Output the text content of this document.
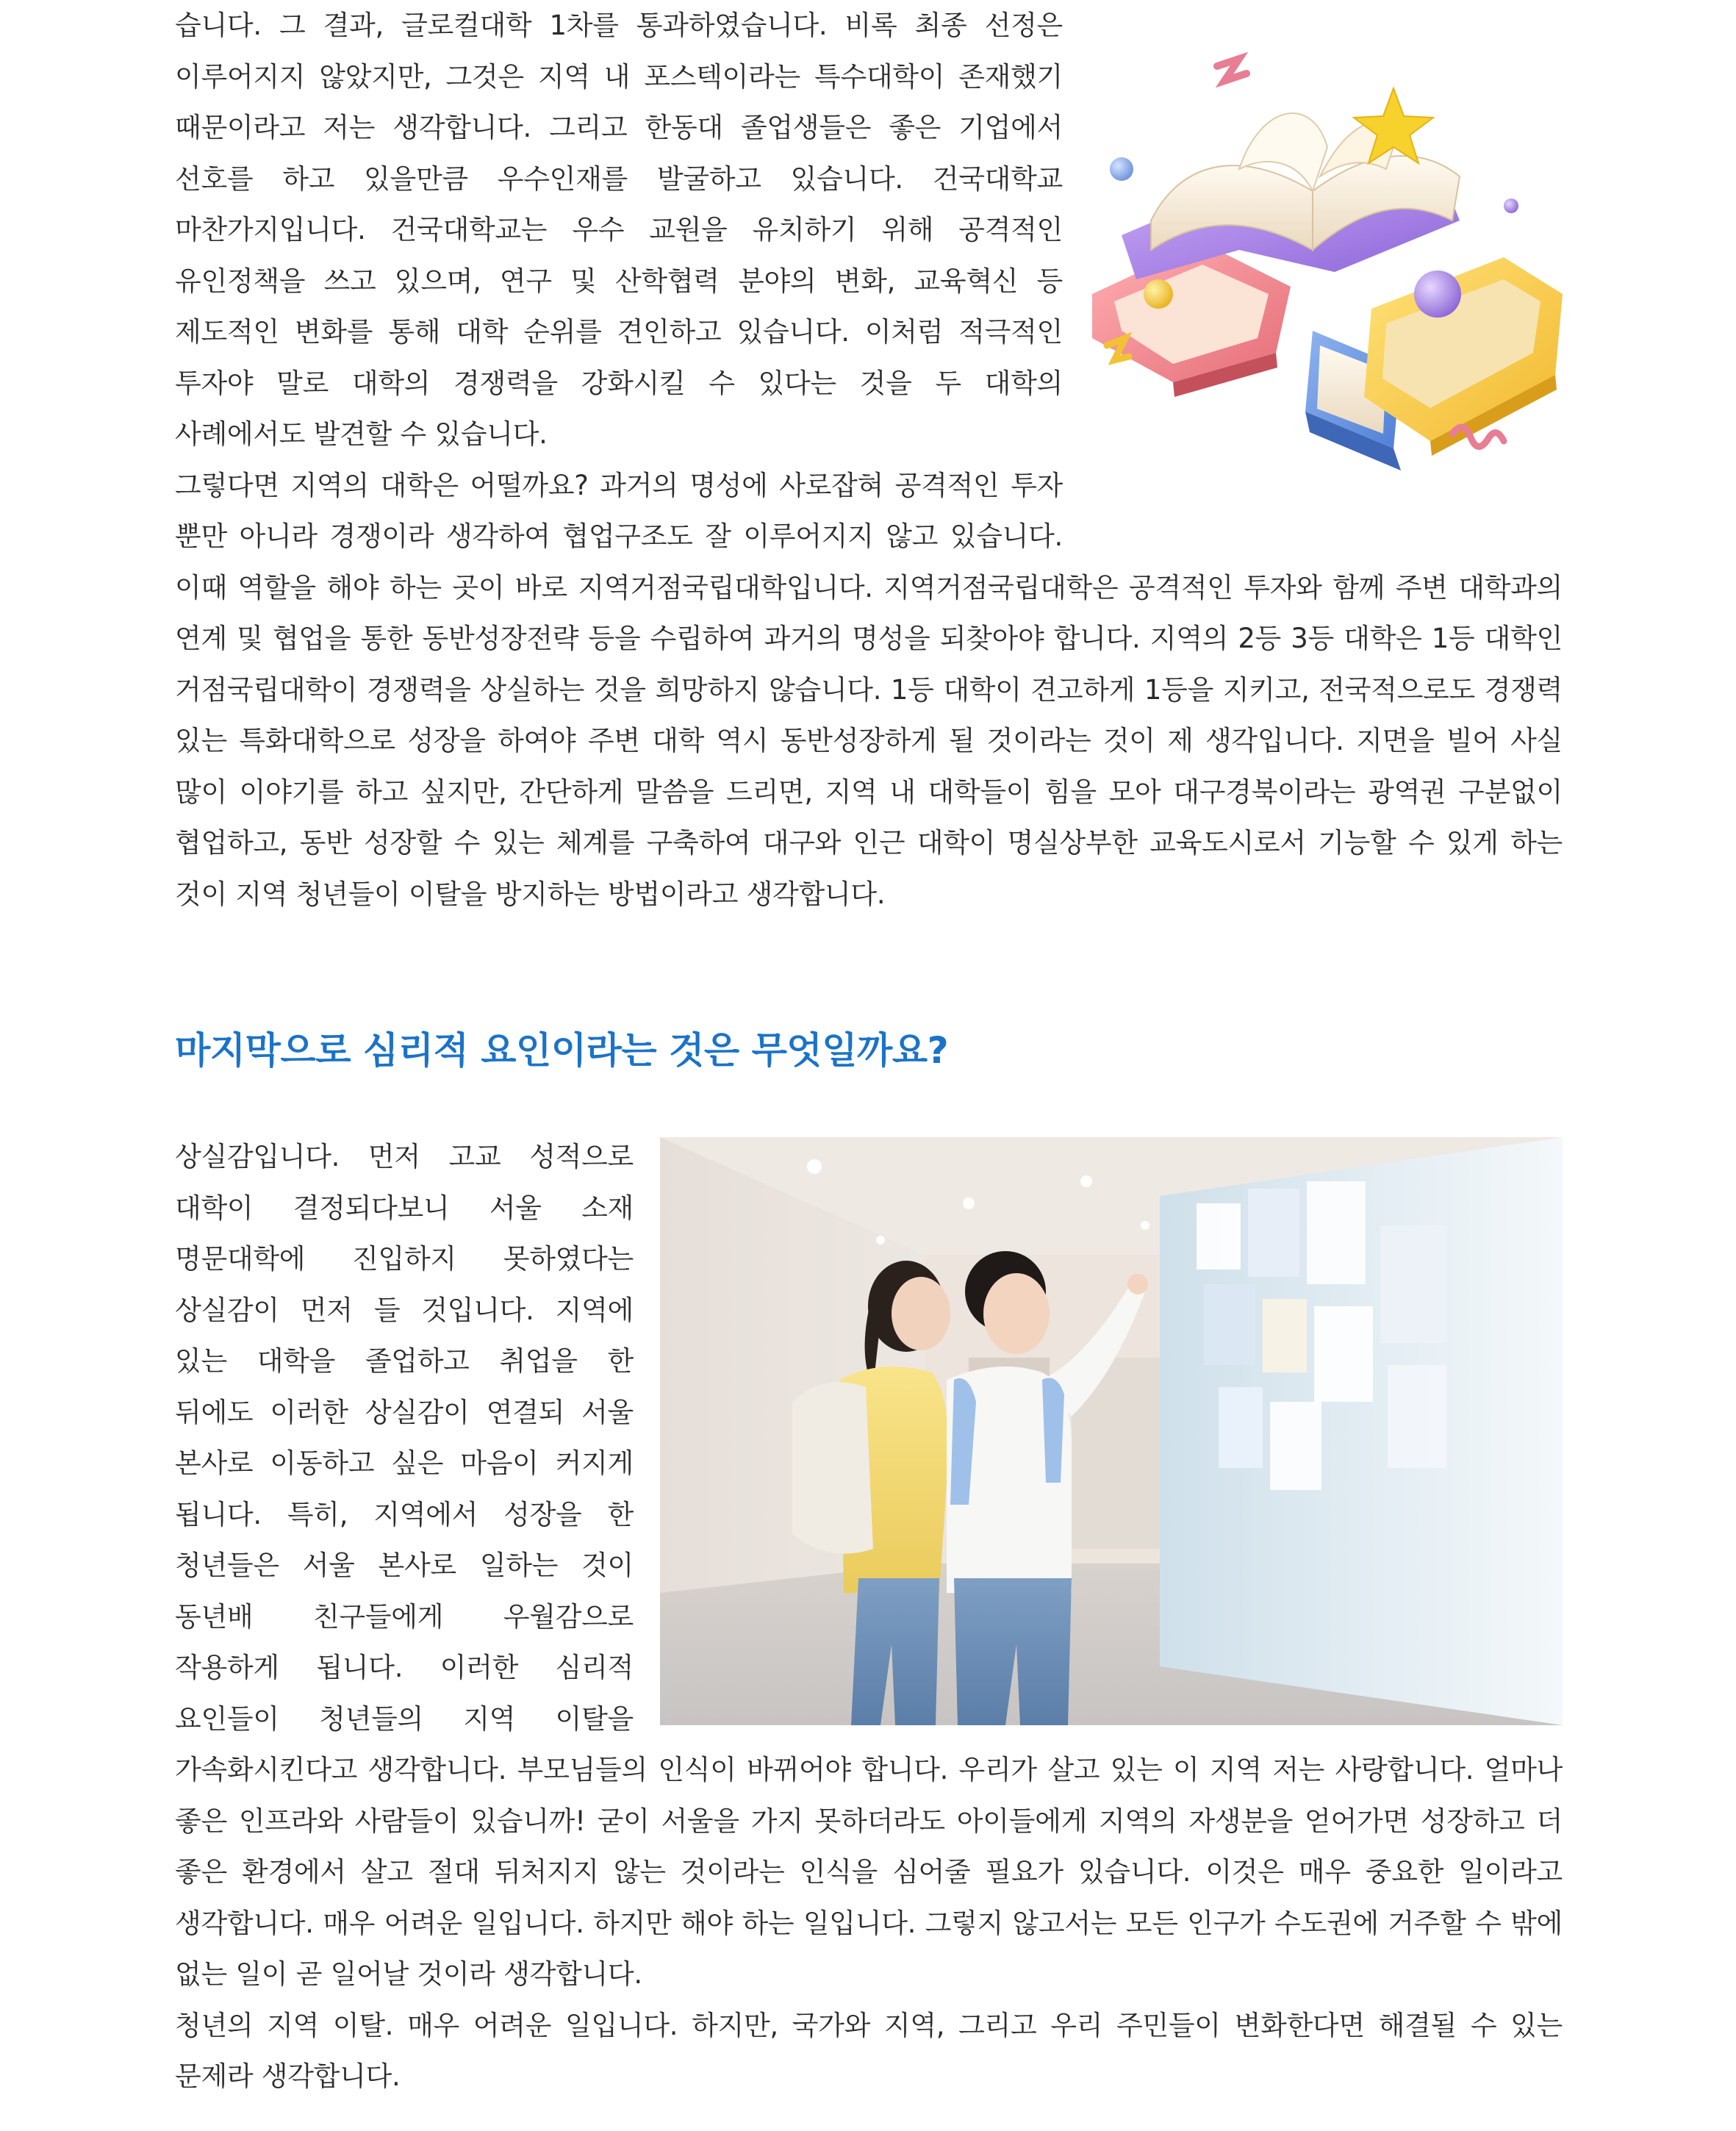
습니다. 그 결과, 글로컬대학 1차를 통과하였습니다. 비록 최종 선정은 이루어지지 않았지만, 그것은 지역 내 포스텍이라는 특수대학이 존재했기 때문이라고 저는 생각합니다. 그리고 한동대 졸업생들은 좋은 기업에서 선호를 하고 있을만큼 우수인재를 발굴하고 있습니다. 건국대학교 마찬가지입니다. 건국대학교는 우수 교원을 유치하기 위해 공격적인 유인정책을 쓰고 있으며, 연구 및 산학협력 분야의 변화, 교육혁신 등 제도적인 변화를 통해 대학 순위를 견인하고 있습니다. 이처럼 적극적인 투자야 말로 대학의 경쟁력을 강화시킬 수 있다는 것을 두 대학의 사례에서도 발견할 수 있습니다.

그렇다면 지역의 대학은 어떨까요? 과거의 명성에 사로잡혀 공격적인 투자 뿐만 아니라 경쟁이라 생각하여 협업구조도 잘 이루어지지 않고 있습니다. 이때 역할을 해야 하는 곳이 바로 지역거점국립대학입니다. 지역거점국립대학은 공격적인 투자와 함께 주변 대학과의 연계 및 협업을 통한 동반성장전략 등을 수립하여 과거의 명성을 되찾아야 합니다. 지역의 2등 3등 대학은 1등 대학인 거점국립대학이 경쟁력을 상실하는 것을 희망하지 않습니다. 1등 대학이 견고하게 1등을 지키고, 전국적으로도 경쟁력 있는 특화대학으로 성장을 하여야 주변 대학 역시 동반성장하게 될 것이라는 것이 제 생각입니다. 지면을 빌어 사실 많이 이야기를 하고 싶지만, 간단하게 말씀을 드리면, 지역 내 대학들이 힘을 모아 대구경북이라는 광역권 구분없이 협업하고, 동반 성장할 수 있는 체계를 구축하여 대구와 인근 대학이 명실상부한 교육도시로서 기능할 수 있게 하는 것이 지역 청년들이 이탈을 방지하는 방법이라고 생각합니다.

마지막으로 심리적 요인이라는 것은 무엇일까요?

상실감입니다. 먼저 고교 성적으로 대학이 결정되다보니 서울 소재 명문대학에 진입하지 못하였다는 상실감이 먼저 들 것입니다. 지역에 있는 대학을 졸업하고 취업을 한 뒤에도 이러한 상실감이 연결되 서울 본사로 이동하고 싶은 마음이 커지게 됩니다. 특히, 지역에서 성장을 한 청년들은 서울 본사로 일하는 것이 동년배 친구들에게 우월감으로 작용하게 됩니다. 이러한 심리적 요인들이 청년들의 지역 이탈을 가속화시킨다고 생각합니다. 부모님들의 인식이 바뀌어야 합니다. 우리가 살고 있는 이 지역 저는 사랑합니다. 얼마나 좋은 인프라와 사람들이 있습니까! 굳이 서울을 가지 못하더라도 아이들에게 지역의 자생분을 얻어가면 성장하고 더 좋은 환경에서 살고 절대 뒤처지지 않는 것이라는 인식을 심어줄 필요가 있습니다. 이것은 매우 중요한 일이라고 생각합니다. 매우 어려운 일입니다. 하지만 해야 하는 일입니다. 그렇지 않고서는 모든 인구가 수도권에 거주할 수 밖에 없는 일이 곧 일어날 것이라 생각합니다.

청년의 지역 이탈. 매우 어려운 일입니다. 하지만, 국가와 지역, 그리고 우리 주민들이 변화한다면 해결될 수 있는 문제라 생각합니다.
